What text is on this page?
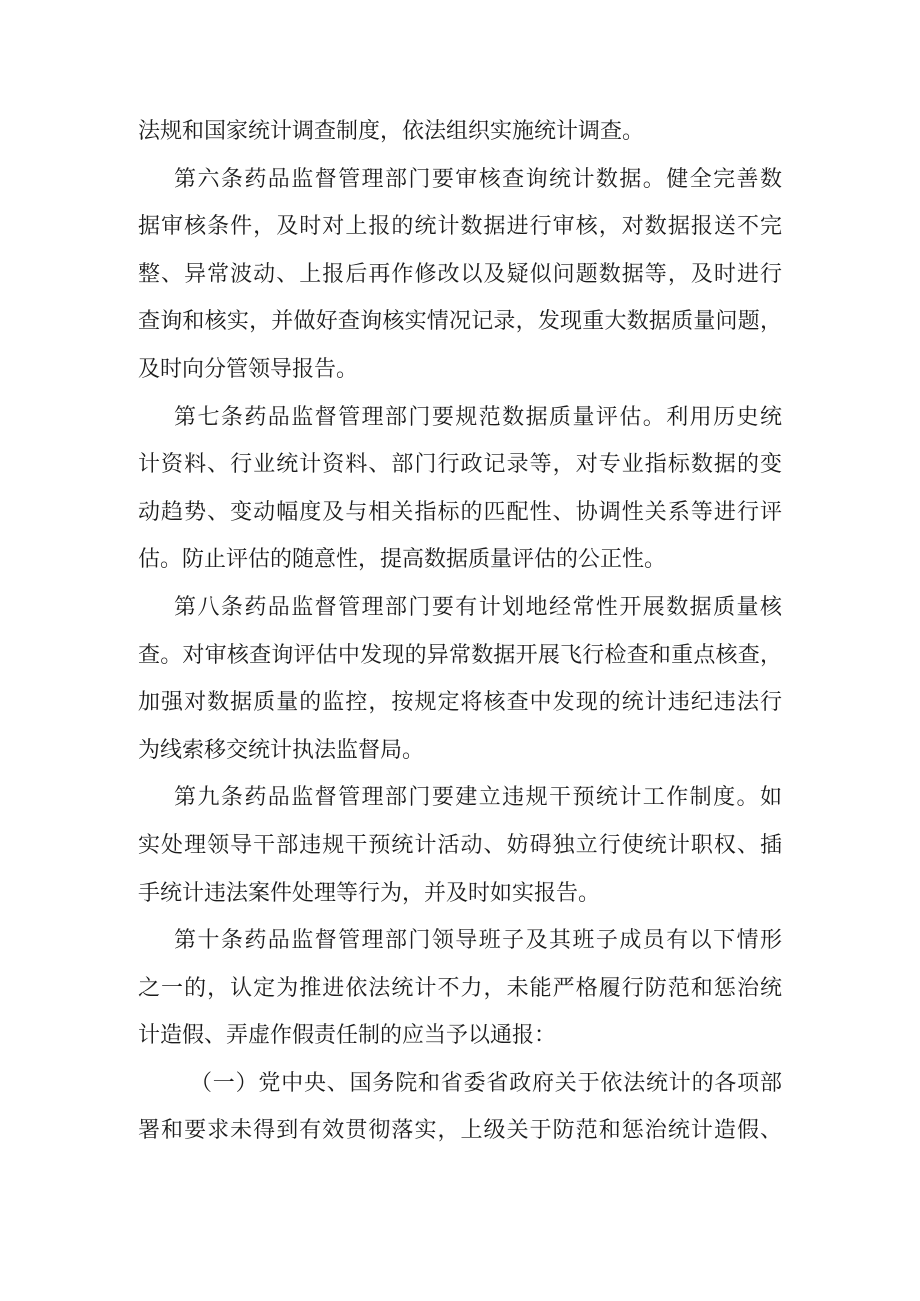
法规和国家统计调查制度，依法组织实施统计调查。
第六条药品监督管理部门要审核查询统计数据。健全完善数
据审核条件，及时对上报的统计数据进行审核，对数据报送不完
整、异常波动、上报后再作修改以及疑似问题数据等，及时进行
查询和核实，并做好查询核实情况记录，发现重大数据质量问题，
及时向分管领导报告。
第七条药品监督管理部门要规范数据质量评估。利用历史统
计资料、行业统计资料、部门行政记录等，对专业指标数据的变
动趋势、变动幅度及与相关指标的匹配性、协调性关系等进行评
估。防止评估的随意性，提高数据质量评估的公正性。
第八条药品监督管理部门要有计划地经常性开展数据质量核
查。对审核查询评估中发现的异常数据开展飞行检查和重点核查，
加强对数据质量的监控，按规定将核查中发现的统计违纪违法行
为线索移交统计执法监督局。
第九条药品监督管理部门要建立违规干预统计工作制度。如
实处理领导干部违规干预统计活动、妨碍独立行使统计职权、插
手统计违法案件处理等行为，并及时如实报告。
第十条药品监督管理部门领导班子及其班子成员有以下情形
之一的，认定为推进依法统计不力，未能严格履行防范和惩治统
计造假、弄虚作假责任制的应当予以通报：
（一）党中央、国务院和省委省政府关于依法统计的各项部
署和要求未得到有效贯彻落实，上级关于防范和惩治统计造假、
